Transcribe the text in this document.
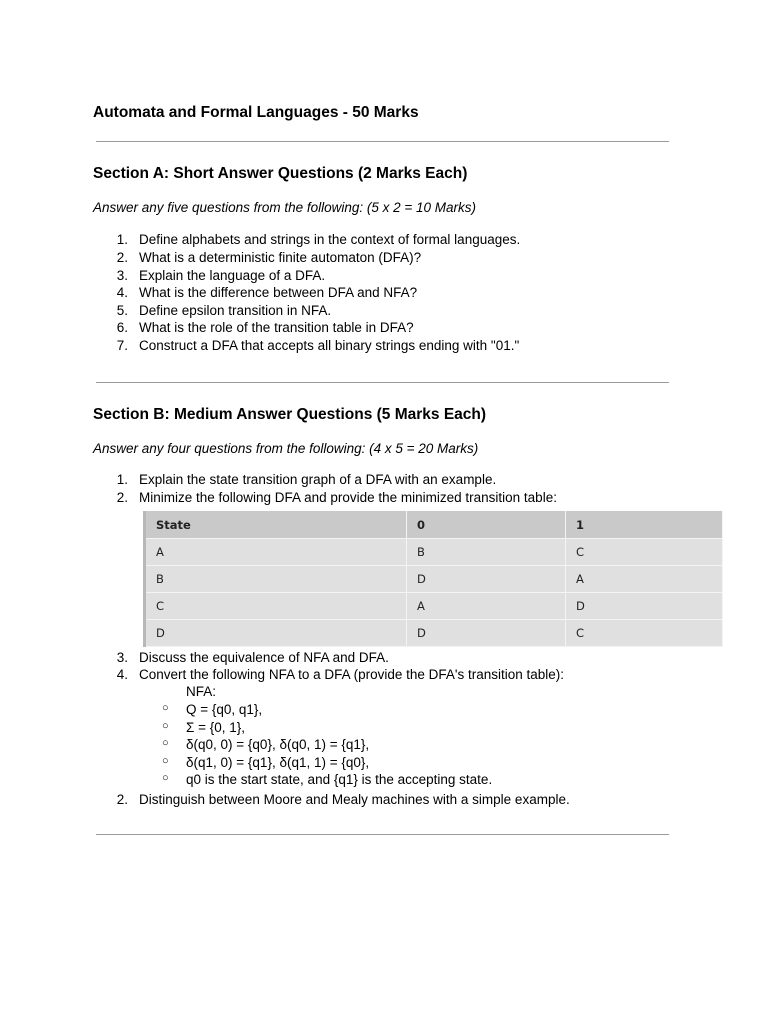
Automata and Formal Languages - 50 Marks
Section A: Short Answer Questions (2 Marks Each)

Answer any five questions from the following: (5 x 2 = 10 Marks)

1. Define alphabets and strings in the context of formal languages.
2. What is a deterministic finite automaton (DFA)?
3. Explain the language of a DFA.
4. What is the difference between DFA and NFA?
5. Define epsilon transition in NFA.
6. What is the role of the transition table in DFA?
7. Construct a DFA that accepts all binary strings ending with "01."
Section B: Medium Answer Questions (5 Marks Each)

Answer any four questions from the following: (4 x 5 = 20 Marks)

1. Explain the state transition graph of a DFA with an example.
2. Minimize the following DFA and provide the minimized transition table:
State	0	1
A	B	C
B	D	A
C	A	D
D	D	C
3. Discuss the equivalence of NFA and DFA.
4. Convert the following NFA to a DFA (provide the DFA's transition table):
NFA:
○ Q = {q0, q1},
○ Σ = {0, 1},
○ δ(q0, 0) = {q0}, δ(q0, 1) = {q1},
○ δ(q1, 0) = {q1}, δ(q1, 1) = {q0},
○ q0 is the start state, and {q1} is the accepting state.
2. Distinguish between Moore and Mealy machines with a simple example.
